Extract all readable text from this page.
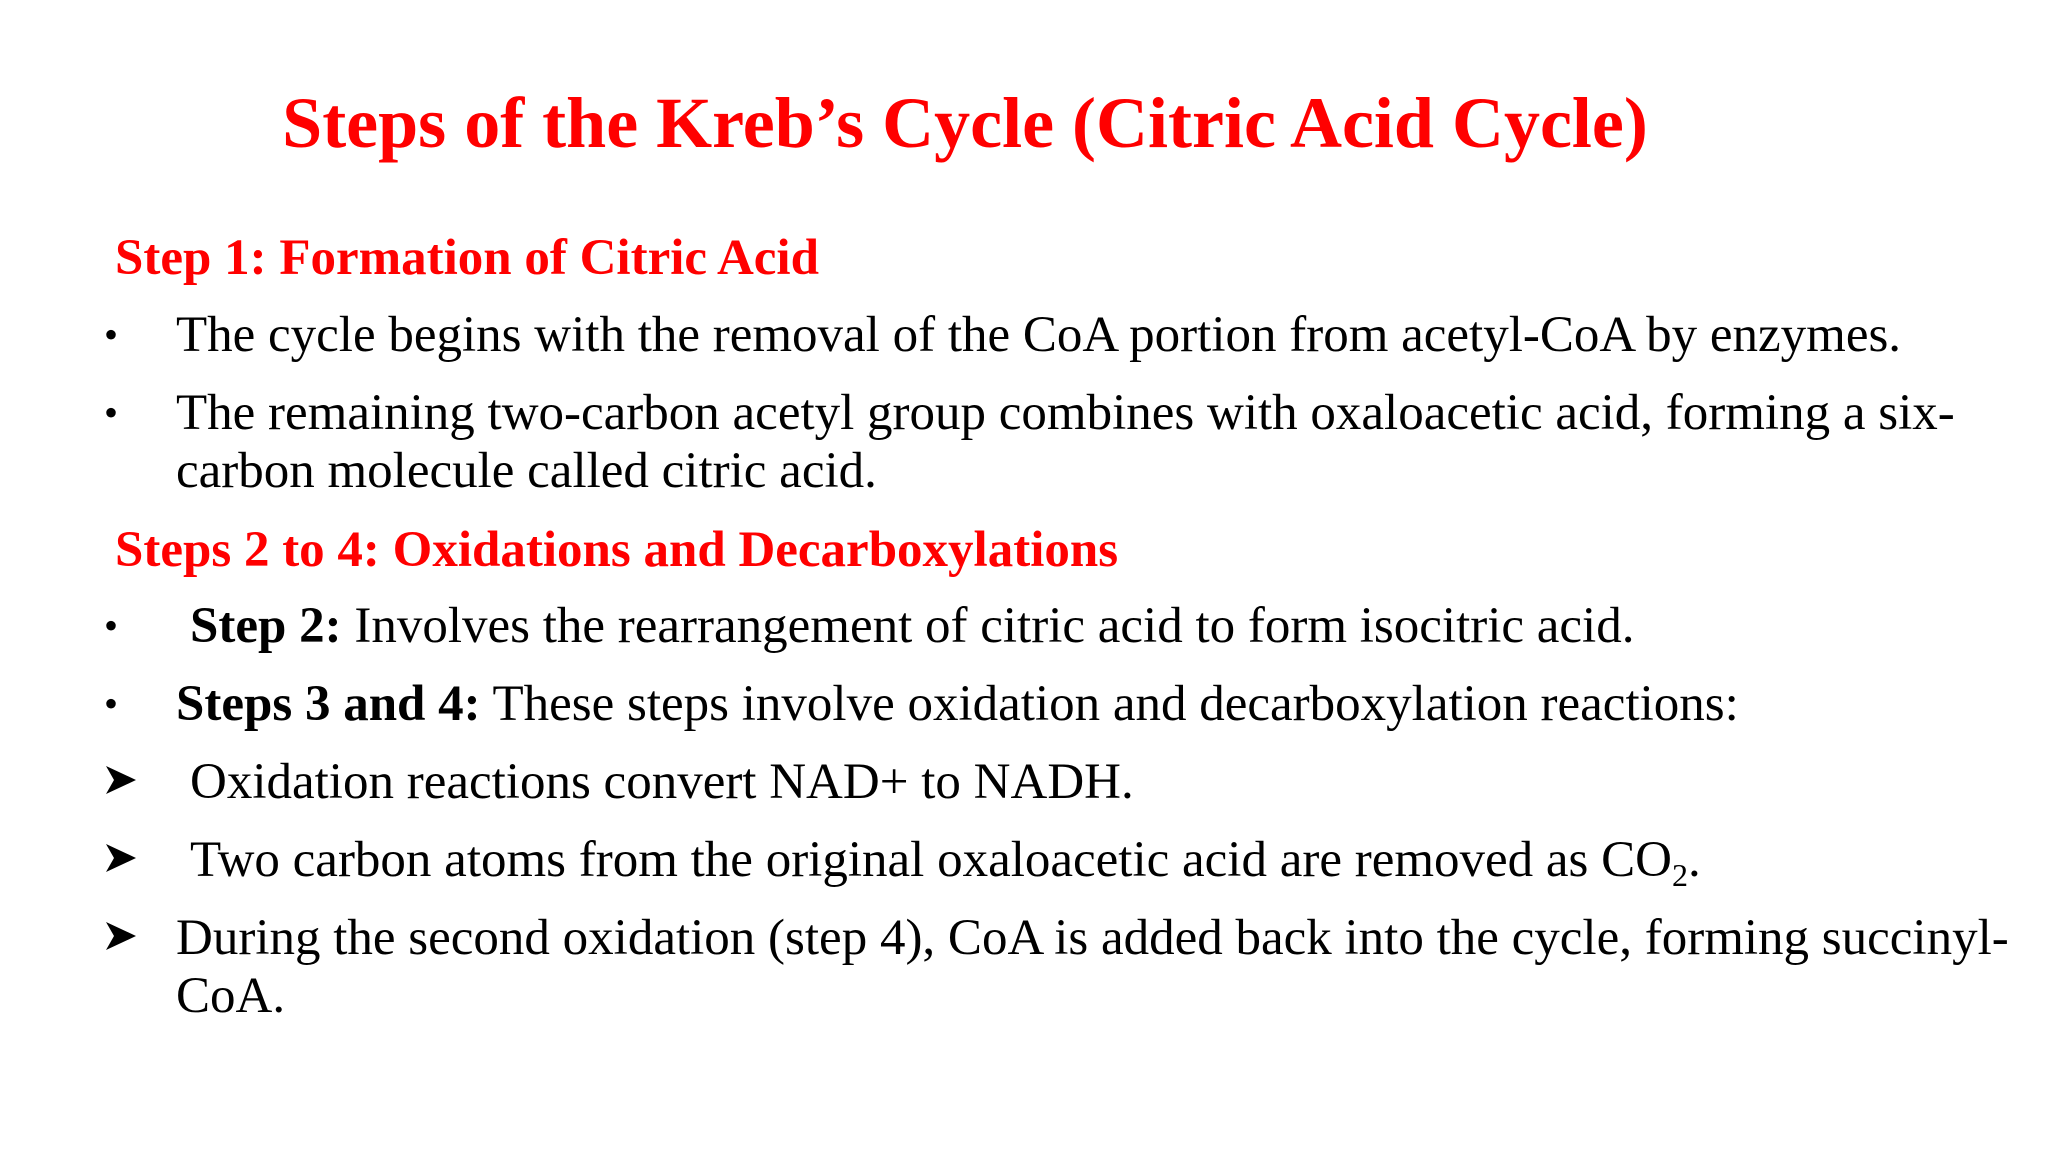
Steps of the Kreb’s Cycle (Citric Acid Cycle)
Step 1: Formation of Citric Acid
•	The cycle begins with the removal of the CoA portion from acetyl-CoA by enzymes.
•	The remaining two-carbon acetyl group combines with oxaloacetic acid, forming a six-carbon molecule called citric acid.
Steps 2 to 4: Oxidations and Decarboxylations
•	Step 2: Involves the rearrangement of citric acid to form isocitric acid.
•	Steps 3 and 4: These steps involve oxidation and decarboxylation reactions:
Oxidation reactions convert NAD+ to NADH.
Two carbon atoms from the original oxaloacetic acid are removed as $CO_2$.
During the second oxidation (step 4), CoA is added back into the cycle, forming succinyl-CoA.
